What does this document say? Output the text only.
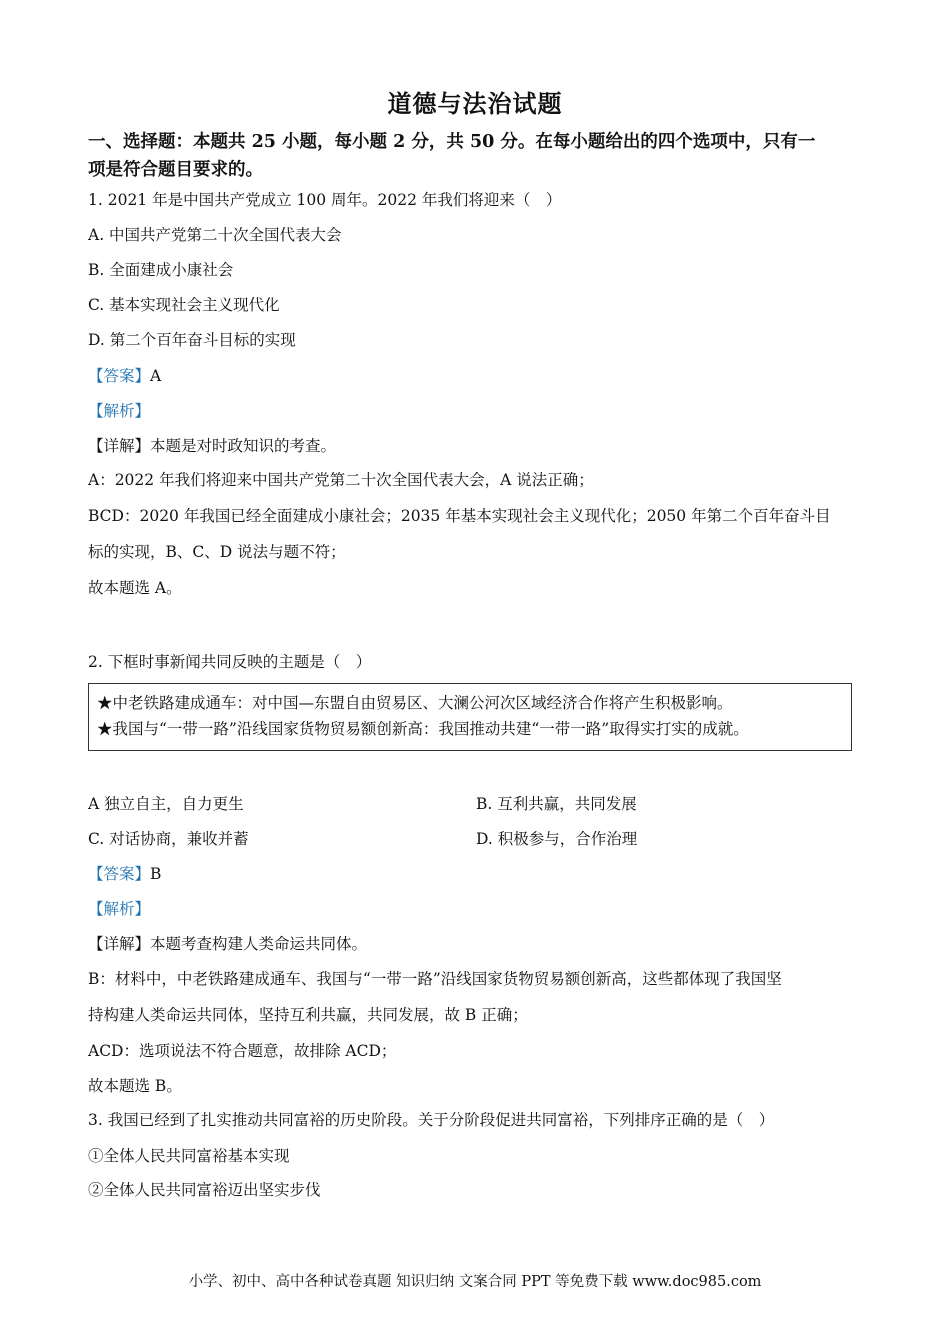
道德与法治试题
一、选择题：本题共 25 小题，每小题 2 分，共 50 分。在每小题给出的四个选项中，只有一
项是符合题目要求的。
1. 2021 年是中国共产党成立 100 周年。2022 年我们将迎来（　）
A. 中国共产党第二十次全国代表大会
B. 全面建成小康社会
C. 基本实现社会主义现代化
D. 第二个百年奋斗目标的实现
【答案】A
【解析】
【详解】本题是对时政知识的考查。
A：2022 年我们将迎来中国共产党第二十次全国代表大会，A 说法正确；
BCD：2020 年我国已经全面建成小康社会；2035 年基本实现社会主义现代化；2050 年第二个百年奋斗目
标的实现，B、C、D 说法与题不符；
故本题选 A。
2. 下框时事新闻共同反映的主题是（　）
★中老铁路建成通车：对中国—东盟自由贸易区、大澜公河次区域经济合作将产生积极影响。
★我国与“一带一路”沿线国家货物贸易额创新高：我国推动共建“一带一路”取得实打实的成就。
A 独立自主，自力更生	B. 互利共赢，共同发展
C. 对话协商，兼收并蓄	D. 积极参与，合作治理
【答案】B
【解析】
【详解】本题考查构建人类命运共同体。
B：材料中，中老铁路建成通车、我国与“一带一路”沿线国家货物贸易额创新高，这些都体现了我国坚
持构建人类命运共同体，坚持互利共赢，共同发展，故 B 正确；
ACD：选项说法不符合题意，故排除 ACD；
故本题选 B。
3. 我国已经到了扎实推动共同富裕的历史阶段。关于分阶段促进共同富裕，下列排序正确的是（　）
①全体人民共同富裕基本实现
②全体人民共同富裕迈出坚实步伐
小学、初中、高中各种试卷真题 知识归纳 文案合同 PPT 等免费下载 www.doc985.com
